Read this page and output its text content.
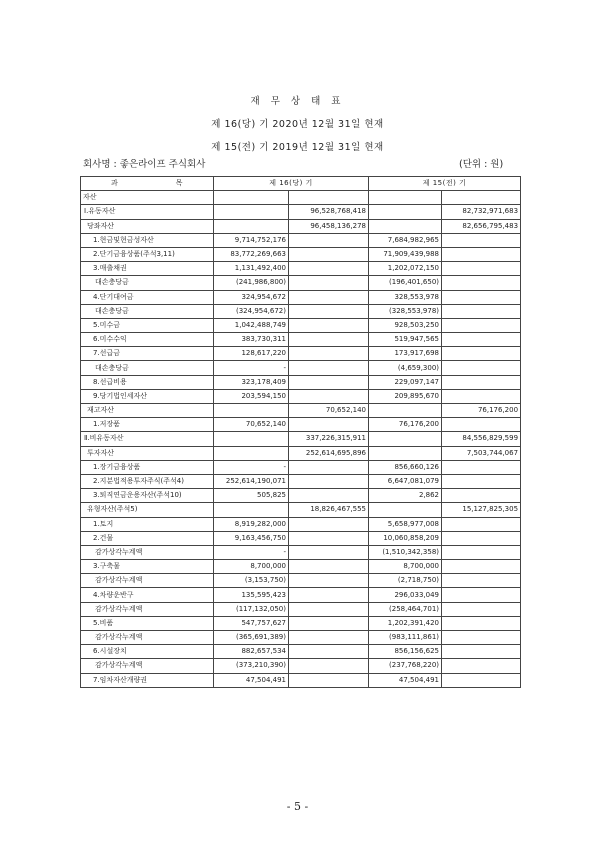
재 무 상 태 표
제 16(당) 기 2020년 12월 31일 현재
제 15(전) 기 2019년 12월 31일 현재
회사명 : 좋은라이프 주식회사	(단위 : 원)
과 목	제 16(당) 기		제 15(전) 기	
자산				
Ⅰ.유동자산		96,528,768,418		82,732,971,683
당좌자산		96,458,136,278		82,656,795,483
1.현금및현금성자산	9,714,752,176		7,684,982,965	
2.단기금융상품(주석3,11)	83,772,269,663		71,909,439,988	
3.매출채권	1,131,492,400		1,202,072,150	
대손충당금	(241,986,800)		(196,401,650)	
4.단기대여금	324,954,672		328,553,978	
대손충당금	(324,954,672)		(328,553,978)	
5.미수금	1,042,488,749		928,503,250	
6.미수수익	383,730,311		519,947,565	
7.선급금	128,617,220		173,917,698	
대손충당금	-		(4,659,300)	
8.선급비용	323,178,409		229,097,147	
9.당기법인세자산	203,594,150		209,895,670	
재고자산		70,652,140		76,176,200
1.저장품	70,652,140		76,176,200	
Ⅱ.비유동자산		337,226,315,911		84,556,829,599
투자자산		252,614,695,896		7,503,744,067
1.장기금융상품	-		856,660,126	
2.지분법적용투자주식(주석4)	252,614,190,071		6,647,081,079	
3.퇴직연금운용자산(주석10)	505,825		2,862	
유형자산(주석5)		18,826,467,555		15,127,825,305
1.토지	8,919,282,000		5,658,977,008	
2.건물	9,163,456,750		10,060,858,209	
감가상각누계액	-		(1,510,342,358)	
3.구축물	8,700,000		8,700,000	
감가상각누계액	(3,153,750)		(2,718,750)	
4.차량운반구	135,595,423		296,033,049	
감가상각누계액	(117,132,050)		(258,464,701)	
5.비품	547,757,627		1,202,391,420	
감가상각누계액	(365,691,389)		(983,111,861)	
6.시설장치	882,657,534		856,156,625	
감가상각누계액	(373,210,390)		(237,768,220)	
7.임차자산개량권	47,504,491		47,504,491	
- 5 -
